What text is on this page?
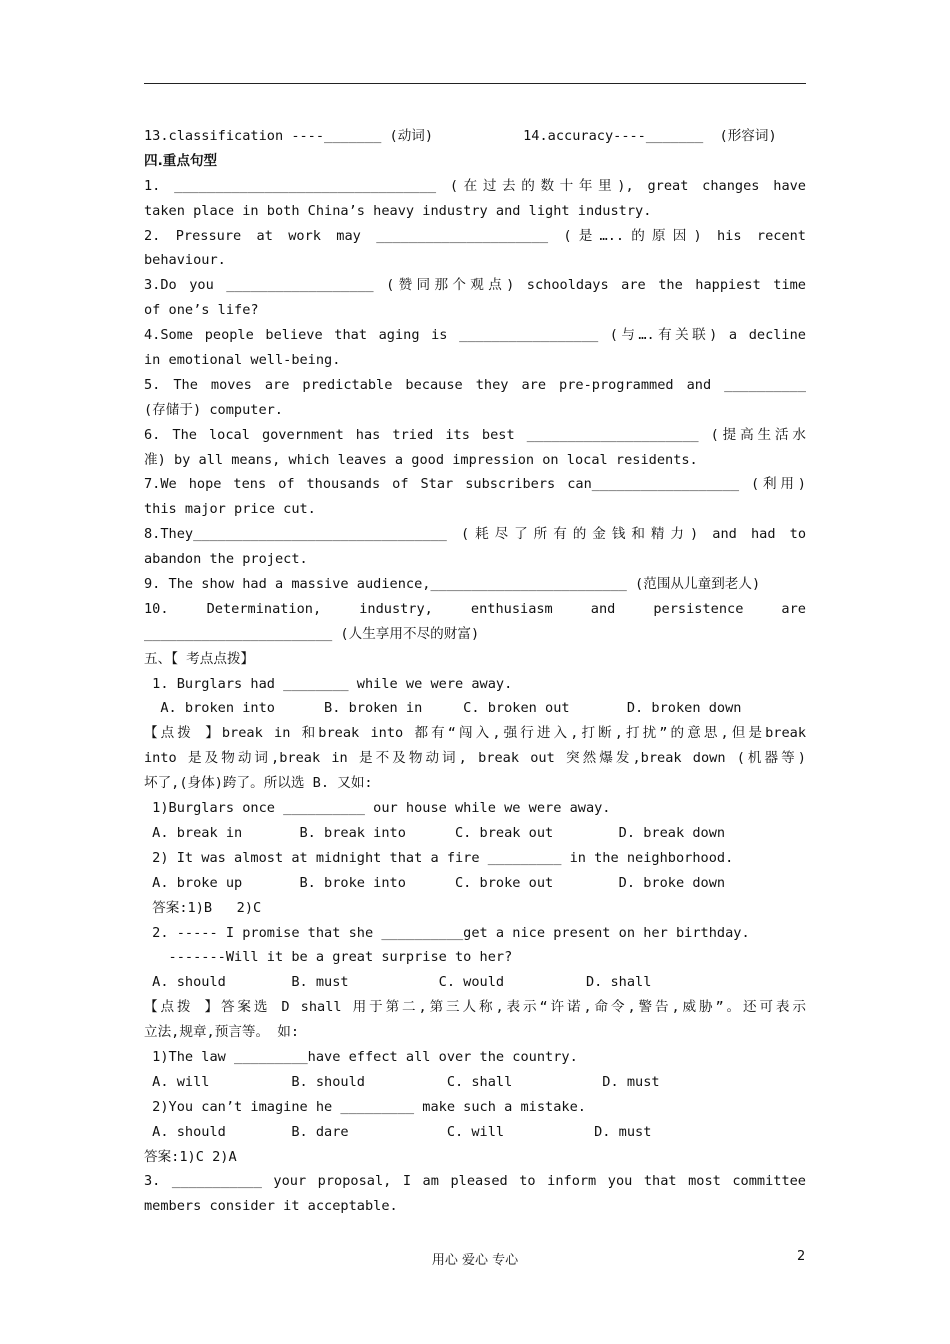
13.classification ----_______ (动词)           14.accuracy----_______  (形容词)
四.重点句型
1. ________________________________ (在过去的数十年里), great changes have
taken place in both China’s heavy industry and light industry.
2. Pressure at work may _____________________ (是…..的原因) his recent
behaviour.
3.Do you __________________ (赞同那个观点) schooldays are the happiest time
of one’s life?
4.Some people believe that aging is _________________ (与….有关联) a decline
in emotional well-being.
5. The moves are predictable because they are pre-programmed and __________
(存储于) computer.
6. The local government has tried its best _____________________ (提高生活水
准) by all means, which leaves a good impression on local residents.
7.We hope tens of thousands of Star subscribers can__________________ (利用)
this major price cut.
8.They_______________________________ (耗尽了所有的金钱和精力) and had to
abandon the project.
9. The show had a massive audience,________________________ (范围从儿童到老人)
10. Determination, industry, enthusiasm and persistence are
_______________________ (人生享用不尽的财富)
五、【 考点点拨】
1. Burglars had ________ while we were away.
A. broken into      B. broken in     C. broken out       D. broken down
【点拨 】break in 和break into 都有“闯入,强行进入,打断,打扰”的意思,但是break
into 是及物动词,break in 是不及物动词, break out 突然爆发,break down (机器等)
坏了,(身体)跨了。所以选 B. 又如:
1)Burglars once __________ our house while we were away.
A. break in       B. break into      C. break out        D. break down
2) It was almost at midnight that a fire _________ in the neighborhood.
A. broke up       B. broke into      C. broke out        D. broke down
答案:1)B   2)C
2. ----- I promise that she __________get a nice present on her birthday.
-------Will it be a great surprise to her?
A. should        B. must           C. would          D. shall
【点拨 】答案选 D shall 用于第二,第三人称,表示“许诺,命令,警告,威胁”。还可表示
立法,规章,预言等。 如:
1)The law _________have effect all over the country.
A. will          B. should          C. shall           D. must
2)You can’t imagine he _________ make such a mistake.
A. should        B. dare            C. will           D. must
答案:1)C 2)A
3. ___________ your proposal, I am pleased to inform you that most committee
members consider it acceptable.
用心 爱心 专心	2
